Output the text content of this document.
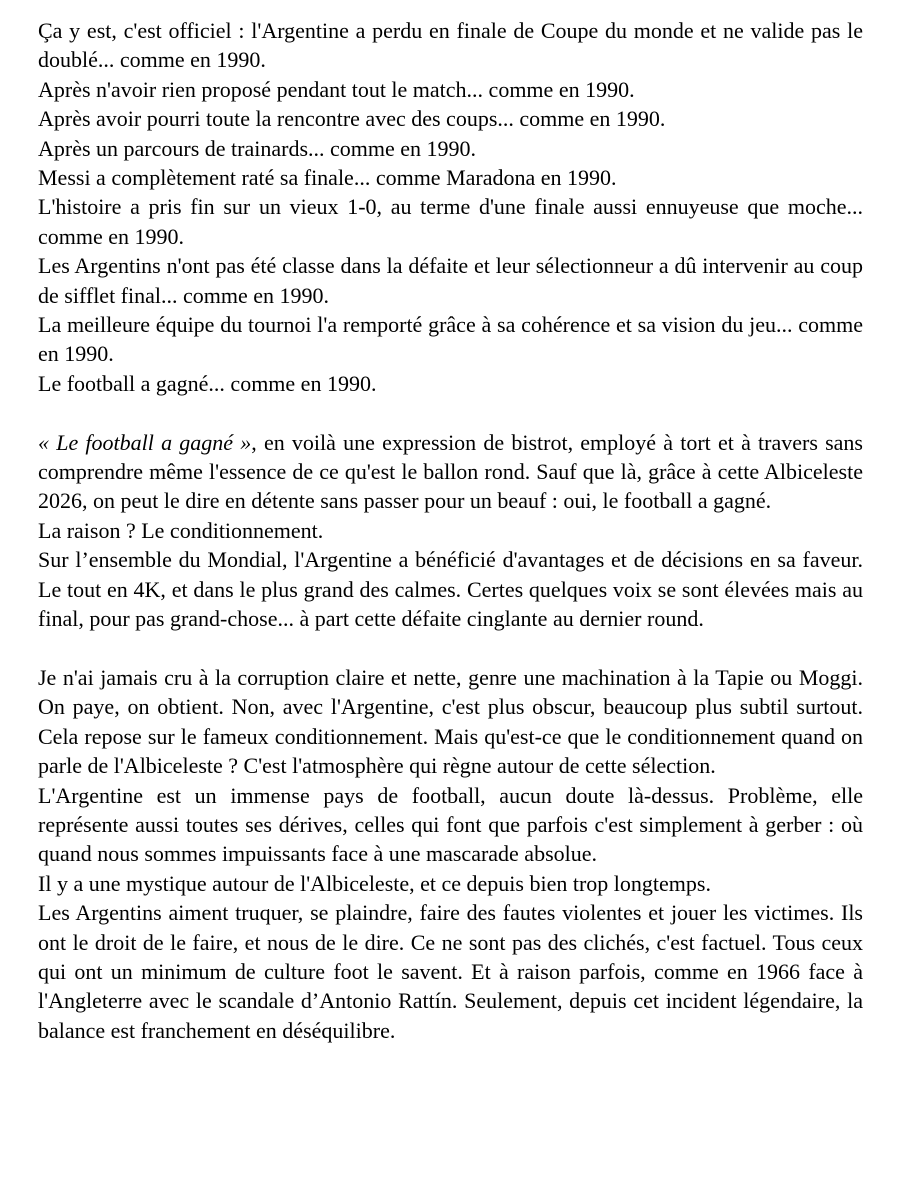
Ça y est, c'est officiel : l'Argentine a perdu en finale de Coupe du monde et ne valide pas le doublé... comme en 1990.

Après n'avoir rien proposé pendant tout le match... comme en 1990.

Après avoir pourri toute la rencontre avec des coups... comme en 1990.

Après un parcours de trainards... comme en 1990.

Messi a complètement raté sa finale... comme Maradona en 1990.

L'histoire a pris fin sur un vieux 1-0, au terme d'une finale aussi ennuyeuse que moche... comme en 1990.

Les Argentins n'ont pas été classe dans la défaite et leur sélectionneur a dû intervenir au coup de sifflet final... comme en 1990.

La meilleure équipe du tournoi l'a remporté grâce à sa cohérence et sa vision du jeu... comme en 1990.

Le football a gagné... comme en 1990.

« Le football a gagné », en voilà une expression de bistrot, employé à tort et à travers sans comprendre même l'essence de ce qu'est le ballon rond. Sauf que là, grâce à cette Albiceleste 2026, on peut le dire en détente sans passer pour un beauf : oui, le football a gagné.

La raison ? Le conditionnement.

Sur l’ensemble du Mondial, l'Argentine a bénéficié d'avantages et de décisions en sa faveur. Le tout en 4K, et dans le plus grand des calmes. Certes quelques voix se sont élevées mais au final, pour pas grand-chose... à part cette défaite cinglante au dernier round.

Je n'ai jamais cru à la corruption claire et nette, genre une machination à la Tapie ou Moggi. On paye, on obtient. Non, avec l'Argentine, c'est plus obscur, beaucoup plus subtil surtout. Cela repose sur le fameux conditionnement. Mais qu'est-ce que le conditionnement quand on parle de l'Albiceleste ? C'est l'atmosphère qui règne autour de cette sélection.

L'Argentine est un immense pays de football, aucun doute là-dessus. Problème, elle représente aussi toutes ses dérives, celles qui font que parfois c'est simplement à gerber : où quand nous sommes impuissants face à une mascarade absolue.

Il y a une mystique autour de l'Albiceleste, et ce depuis bien trop longtemps.

Les Argentins aiment truquer, se plaindre, faire des fautes violentes et jouer les victimes. Ils ont le droit de le faire, et nous de le dire. Ce ne sont pas des clichés, c'est factuel. Tous ceux qui ont un minimum de culture foot le savent. Et à raison parfois, comme en 1966 face à l'Angleterre avec le scandale d’Antonio Rattín. Seulement, depuis cet incident légendaire, la balance est franchement en déséquilibre.
